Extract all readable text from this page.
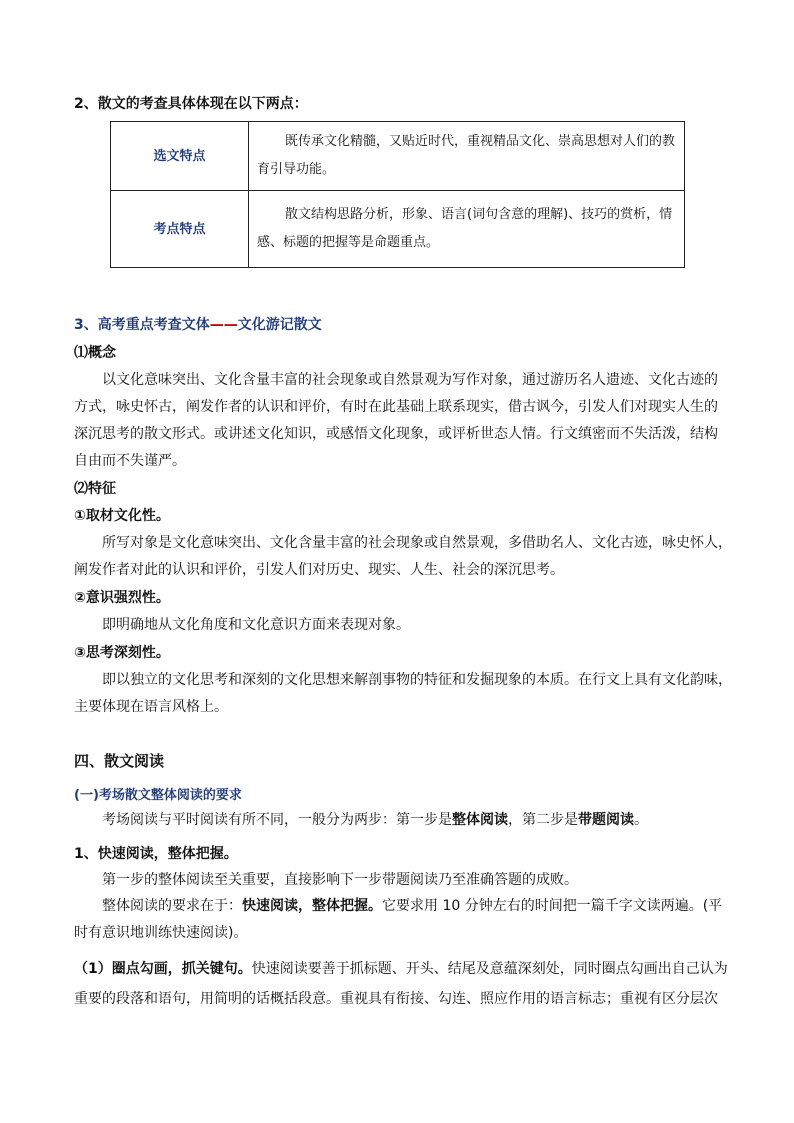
2、散文的考查具体体现在以下两点：
选文特点	既传承文化精髓，又贴近时代，重视精品文化、崇高思想对人们的教育引导功能。
考点特点	散文结构思路分析，形象、语言(词句含意的理解)、技巧的赏析，情感、标题的把握等是命题重点。
3、高考重点考查文体——文化游记散文
⑴概念
以文化意味突出、文化含量丰富的社会现象或自然景观为写作对象，通过游历名人遗迹、文化古迹的
方式，咏史怀古，阐发作者的认识和评价，有时在此基础上联系现实，借古讽今，引发人们对现实人生的
深沉思考的散文形式。或讲述文化知识，或感悟文化现象，或评析世态人情。行文缜密而不失活泼，结构
自由而不失谨严。
⑵特征
①取材文化性。
所写对象是文化意味突出、文化含量丰富的社会现象或自然景观，多借助名人、文化古迹，咏史怀人，
阐发作者对此的认识和评价，引发人们对历史、现实、人生、社会的深沉思考。
②意识强烈性。
即明确地从文化角度和文化意识方面来表现对象。
③思考深刻性。
即以独立的文化思考和深刻的文化思想来解剖事物的特征和发掘现象的本质。在行文上具有文化韵味，
主要体现在语言风格上。
四、散文阅读
(一)考场散文整体阅读的要求
考场阅读与平时阅读有所不同，一般分为两步：第一步是整体阅读，第二步是带题阅读。
1、快速阅读，整体把握。
第一步的整体阅读至关重要，直接影响下一步带题阅读乃至准确答题的成败。
整体阅读的要求在于：快速阅读，整体把握。它要求用 10 分钟左右的时间把一篇千字文读两遍。(平
时有意识地训练快速阅读)。
（1）圈点勾画，抓关键句。快速阅读要善于抓标题、开头、结尾及意蕴深刻处，同时圈点勾画出自己认为
重要的段落和语句，用简明的话概括段意。重视具有衔接、勾连、照应作用的语言标志；重视有区分层次
